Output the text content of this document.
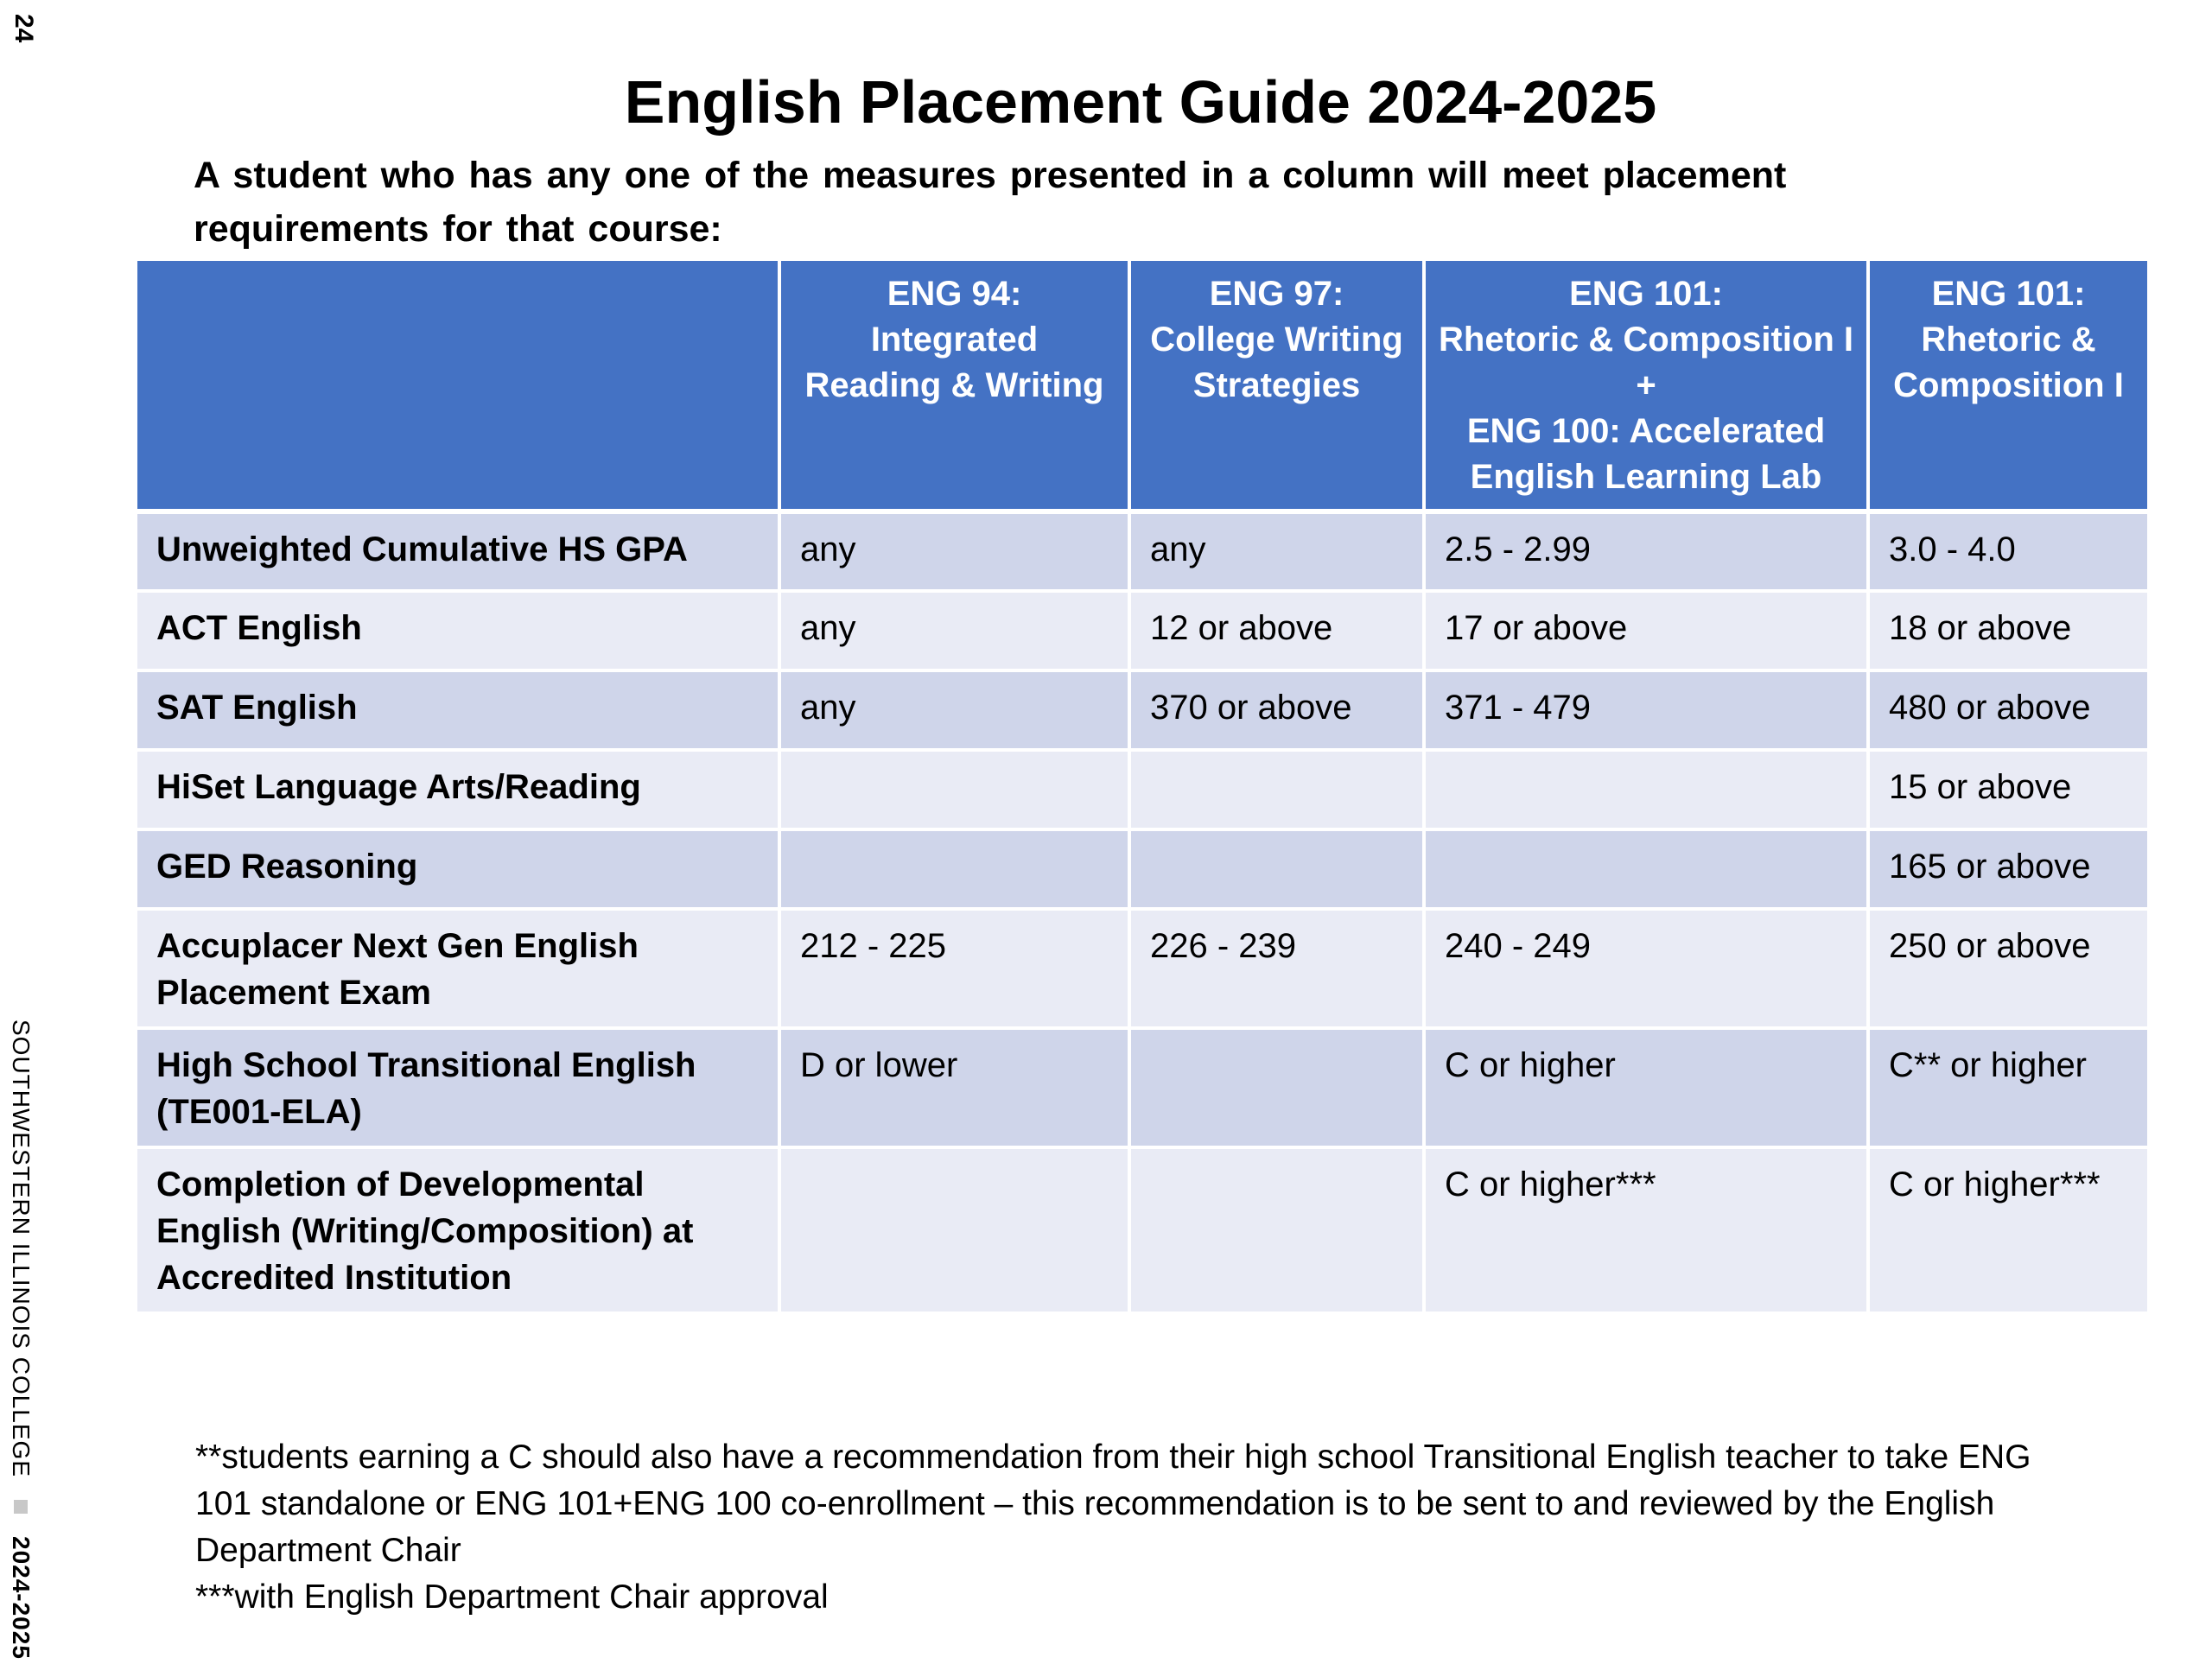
24
SOUTHWESTERN ILLINOIS COLLEGE
2024-2025
English Placement Guide 2024-2025

A student who has any one of the measures presented in a column will meet placement requirements for that course:

	ENG 94:
Integrated
Reading & Writing	ENG 97:
College Writing
Strategies	ENG 101:
Rhetoric & Composition I
+
ENG 100: Accelerated
English Learning Lab	ENG 101:
Rhetoric &
Composition I

Unweighted Cumulative HS GPA	any	any	2.5 - 2.99	3.0 - 4.0
ACT English	any	12 or above	17 or above	18 or above
SAT English	any	370 or above	371 - 479	480 or above
HiSet Language Arts/Reading				15 or above
GED Reasoning				165 or above
Accuplacer Next Gen English Placement Exam	212 - 225	226 - 239	240 - 249	250 or above
High School Transitional English (TE001-ELA)	D or lower		C or higher	C** or higher
Completion of Developmental English (Writing/Composition) at Accredited Institution			C or higher***	C or higher***

**students earning a C should also have a recommendation from their high school Transitional English teacher to take ENG 101 standalone or ENG 101+ENG 100 co-enrollment – this recommendation is to be sent to and reviewed by the English Department Chair

***with English Department Chair approval
